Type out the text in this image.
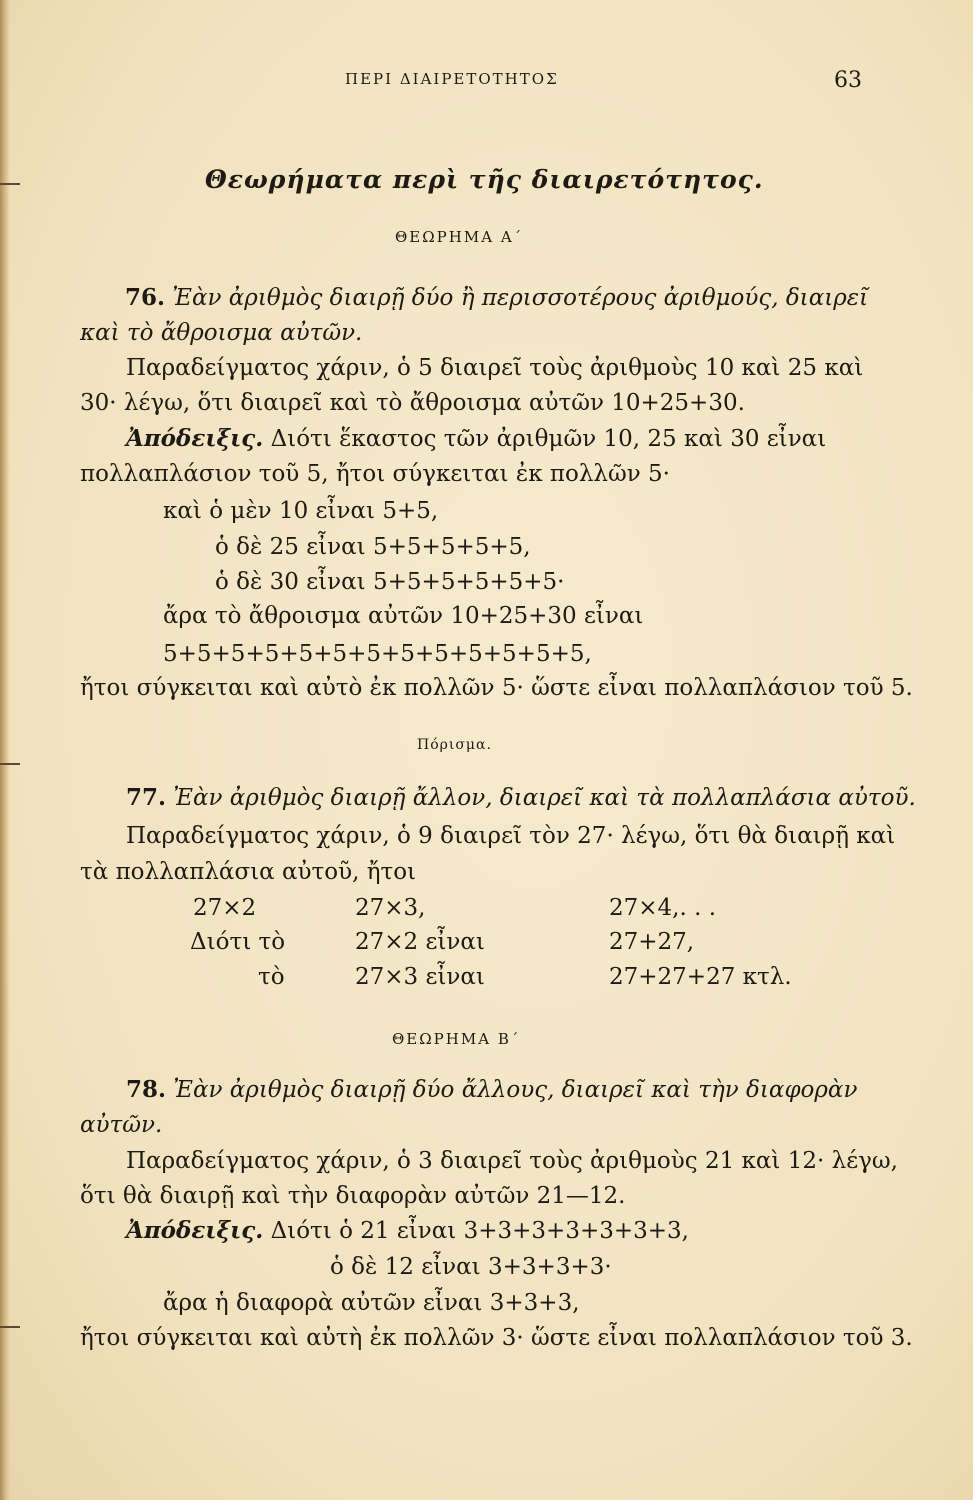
ΠΕΡΙ ΔΙΑΙΡΕΤΟΤΗΤΟΣ	63
Θεωρήματα περὶ τῆς διαιρετότητος.
ΘΕΩΡΗΜΑ Α΄
76. Ἐὰν ἀριθμὸς διαιρῇ δύο ἢ περισσοτέρους ἀριθμούς, διαιρεῖ
καὶ τὸ ἄθροισμα αὐτῶν.
Παραδείγματος χάριν, ὁ 5 διαιρεῖ τοὺς ἀριθμοὺς 10 καὶ 25 καὶ
30· λέγω, ὅτι διαιρεῖ καὶ τὸ ἄθροισμα αὐτῶν 10+25+30.
Ἀπόδειξις. Διότι ἕκαστος τῶν ἀριθμῶν 10, 25 καὶ 30 εἶναι
πολλαπλάσιον τοῦ 5, ἤτοι σύγκειται ἐκ πολλῶν 5·
καὶ ὁ μὲν 10 εἶναι 5+5,
ὁ δὲ 25 εἶναι 5+5+5+5+5,
ὁ δὲ 30 εἶναι 5+5+5+5+5+5·
ἄρα τὸ ἄθροισμα αὐτῶν 10+25+30 εἶναι
5+5+5+5+5+5+5+5+5+5+5+5+5,
ἤτοι σύγκειται καὶ αὐτὸ ἐκ πολλῶν 5· ὥστε εἶναι πολλαπλάσιον τοῦ 5.
Πόρισμα.
77. Ἐὰν ἀριθμὸς διαιρῇ ἄλλον, διαιρεῖ καὶ τὰ πολλαπλάσια αὐτοῦ.
Παραδείγματος χάριν, ὁ 9 διαιρεῖ τὸν 27· λέγω, ὅτι θὰ διαιρῇ καὶ
τὰ πολλαπλάσια αὐτοῦ, ἤτοι
27×2	27×3,	27×4,. . .
Διότι τὸ	27×2 εἶναι	27+27,
τὸ	27×3 εἶναι	27+27+27 κτλ.
ΘΕΩΡΗΜΑ Β΄
78. Ἐὰν ἀριθμὸς διαιρῇ δύο ἄλλους, διαιρεῖ καὶ τὴν διαφορὰν
αὐτῶν.
Παραδείγματος χάριν, ὁ 3 διαιρεῖ τοὺς ἀριθμοὺς 21 καὶ 12· λέγω,
ὅτι θὰ διαιρῇ καὶ τὴν διαφορὰν αὐτῶν 21—12.
Ἀπόδειξις. Διότι ὁ 21 εἶναι 3+3+3+3+3+3+3,
ὁ δὲ 12 εἶναι 3+3+3+3·
ἄρα ἡ διαφορὰ αὐτῶν εἶναι 3+3+3,
ἤτοι σύγκειται καὶ αὐτὴ ἐκ πολλῶν 3· ὥστε εἶναι πολλαπλάσιον τοῦ 3.
